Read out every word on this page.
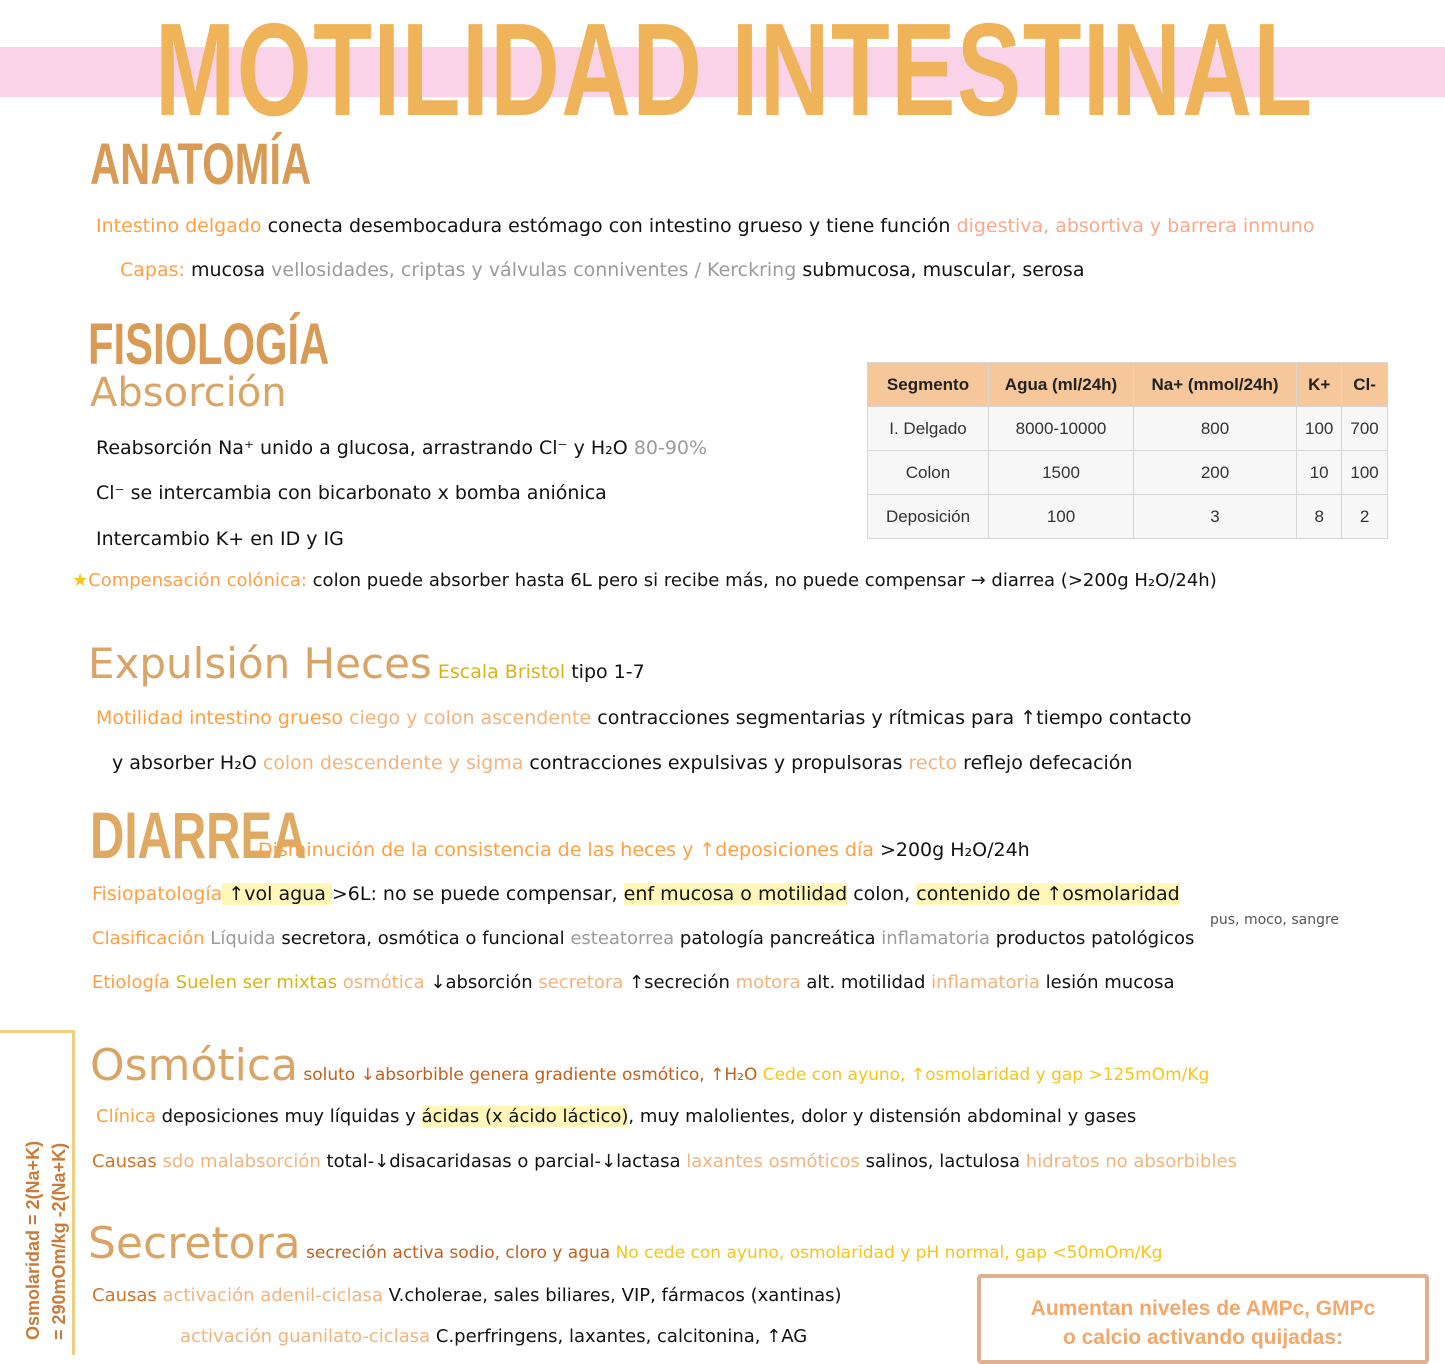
MOTILIDAD INTESTINAL
ANATOMÍA
Intestino delgado conecta desembocadura estómago con intestino grueso y tiene función digestiva, absortiva y barrera inmuno
Capas: mucosa vellosidades, criptas y válvulas conniventes / Kerckring submucosa, muscular, serosa
FISIOLOGÍA
Absorción
Reabsorción Na⁺ unido a glucosa, arrastrando Cl⁻ y H₂O 80-90%
Cl⁻ se intercambia con bicarbonato x bomba aniónica
Intercambio K+ en ID y IG
★Compensación colónica: colon puede absorber hasta 6L pero si recibe más, no puede compensar → diarrea (>200g H₂O/24h)
Segmento	Agua (ml/24h)	Na+ (mmol/24h)	K+	Cl-
I. Delgado	8000-10000	800	100	700
Colon	1500	200	10	100
Deposición	100	3	8	2
Expulsión Heces Escala Bristol tipo 1-7
Motilidad intestino grueso ciego y colon ascendente contracciones segmentarias y rítmicas para ↑tiempo contacto
y absorber H₂O colon descendente y sigma contracciones expulsivas y propulsoras recto reflejo defecación
DIARREA
Disminución de la consistencia de las heces y ↑deposiciones día >200g H₂O/24h
Fisiopatología ↑vol agua >6L: no se puede compensar, enf mucosa o motilidad colon, contenido de ↑osmolaridad
pus, moco, sangre
Clasificación Líquida secretora, osmótica o funcional esteatorrea patología pancreática inflamatoria productos patológicos
Etiología Suelen ser mixtas osmótica ↓absorción secretora ↑secreción motora alt. motilidad inflamatoria lesión mucosa
Osmótica soluto ↓absorbible genera gradiente osmótico, ↑H₂O Cede con ayuno, ↑osmolaridad y gap >125mOm/Kg
Clínica deposiciones muy líquidas y ácidas (x ácido láctico), muy malolientes, dolor y distensión abdominal y gases
Causas sdo malabsorción total-↓disacaridasas o parcial-↓lactasa laxantes osmóticos salinos, lactulosa hidratos no absorbibles
Secretora secreción activa sodio, cloro y agua No cede con ayuno, osmolaridad y pH normal, gap <50mOm/Kg
Causas activación adenil-ciclasa V.cholerae, sales biliares, VIP, fármacos (xantinas)
activación guanilato-ciclasa C.perfringens, laxantes, calcitonina, ↑AG
Osmolaridad = 2(Na+K) = 290mOm/kg -2(Na+K)	Aumentan niveles de AMPc, GMPc
o calcio activando quijadas:
